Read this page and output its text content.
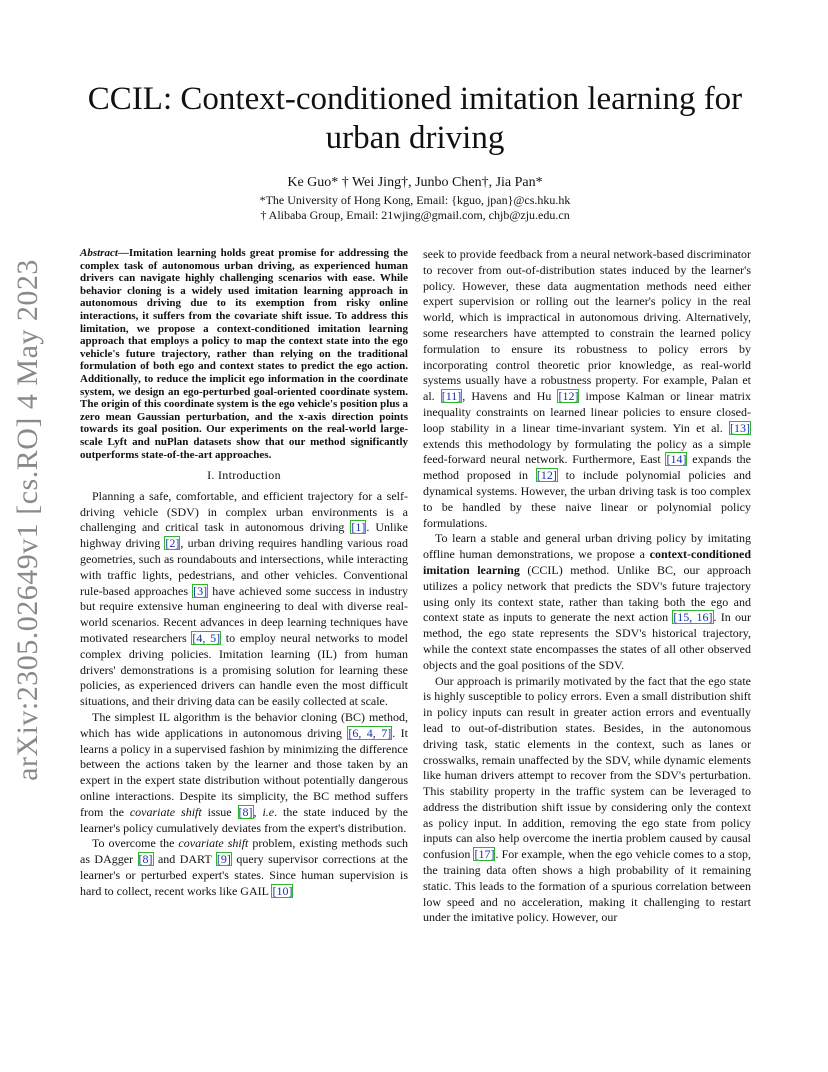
arXiv:2305.02649v1 [cs.RO] 4 May 2023
CCIL: Context-conditioned imitation learning for urban driving
Ke Guo* † Wei Jing†, Junbo Chen†, Jia Pan*
*The University of Hong Kong, Email: {kguo, jpan}@cs.hku.hk
† Alibaba Group, Email: 21wjing@gmail.com, chjb@zju.edu.cn

Abstract—Imitation learning holds great promise for addressing the complex task of autonomous urban driving, as experienced human drivers can navigate highly challenging scenarios with ease. While behavior cloning is a widely used imitation learning approach in autonomous driving due to its exemption from risky online interactions, it suffers from the covariate shift issue. To address this limitation, we propose a context-conditioned imitation learning approach that employs a policy to map the context state into the ego vehicle's future trajectory, rather than relying on the traditional formulation of both ego and context states to predict the ego action. Additionally, to reduce the implicit ego information in the coordinate system, we design an ego-perturbed goal-oriented coordinate system. The origin of this coordinate system is the ego vehicle's position plus a zero mean Gaussian perturbation, and the x-axis direction points towards its goal position. Our experiments on the real-world large-scale Lyft and nuPlan datasets show that our method significantly outperforms state-of-the-art approaches.

I. Introduction

Planning a safe, comfortable, and efficient trajectory for a self-driving vehicle (SDV) in complex urban environments is a challenging and critical task in autonomous driving [1]. Unlike highway driving [2], urban driving requires handling various road geometries, such as roundabouts and intersections, while interacting with traffic lights, pedestrians, and other vehicles. Conventional rule-based approaches [3] have achieved some success in industry but require extensive human engineering to deal with diverse real-world scenarios. Recent advances in deep learning techniques have motivated researchers [4, 5] to employ neural networks to model complex driving policies. Imitation learning (IL) from human drivers' demonstrations is a promising solution for learning these policies, as experienced drivers can handle even the most difficult situations, and their driving data can be easily collected at scale.

The simplest IL algorithm is the behavior cloning (BC) method, which has wide applications in autonomous driving [6, 4, 7]. It learns a policy in a supervised fashion by minimizing the difference between the actions taken by the learner and those taken by an expert in the expert state distribution without potentially dangerous online interactions. Despite its simplicity, the BC method suffers from the covariate shift issue [8], i.e. the state induced by the learner's policy cumulatively deviates from the expert's distribution.

To overcome the covariate shift problem, existing methods such as DAgger [8] and DART [9] query supervisor corrections at the learner's or perturbed expert's states. Since human supervision is hard to collect, recent works like GAIL [10]

seek to provide feedback from a neural network-based discriminator to recover from out-of-distribution states induced by the learner's policy. However, these data augmentation methods need either expert supervision or rolling out the learner's policy in the real world, which is impractical in autonomous driving. Alternatively, some researchers have attempted to constrain the learned policy formulation to ensure its robustness to policy errors by incorporating control theoretic prior knowledge, as real-world systems usually have a robustness property. For example, Palan et al. [11], Havens and Hu [12] impose Kalman or linear matrix inequality constraints on learned linear policies to ensure closed-loop stability in a linear time-invariant system. Yin et al. [13] extends this methodology by formulating the policy as a simple feed-forward neural network. Furthermore, East [14] expands the method proposed in [12] to include polynomial policies and dynamical systems. However, the urban driving task is too complex to be handled by these naive linear or polynomial policy formulations.

To learn a stable and general urban driving policy by imitating offline human demonstrations, we propose a context-conditioned imitation learning (CCIL) method. Unlike BC, our approach utilizes a policy network that predicts the SDV's future trajectory using only its context state, rather than taking both the ego and context state as inputs to generate the next action [15, 16]. In our method, the ego state represents the SDV's historical trajectory, while the context state encompasses the states of all other observed objects and the goal positions of the SDV.

Our approach is primarily motivated by the fact that the ego state is highly susceptible to policy errors. Even a small distribution shift in policy inputs can result in greater action errors and eventually lead to out-of-distribution states. Besides, in the autonomous driving task, static elements in the context, such as lanes or crosswalks, remain unaffected by the SDV, while dynamic elements like human drivers attempt to recover from the SDV's perturbation. This stability property in the traffic system can be leveraged to address the distribution shift issue by considering only the context as policy input. In addition, removing the ego state from policy inputs can also help overcome the inertia problem caused by causal confusion [17]. For example, when the ego vehicle comes to a stop, the training data often shows a high probability of it remaining static. This leads to the formation of a spurious correlation between low speed and no acceleration, making it challenging to restart under the imitative policy. However, our
